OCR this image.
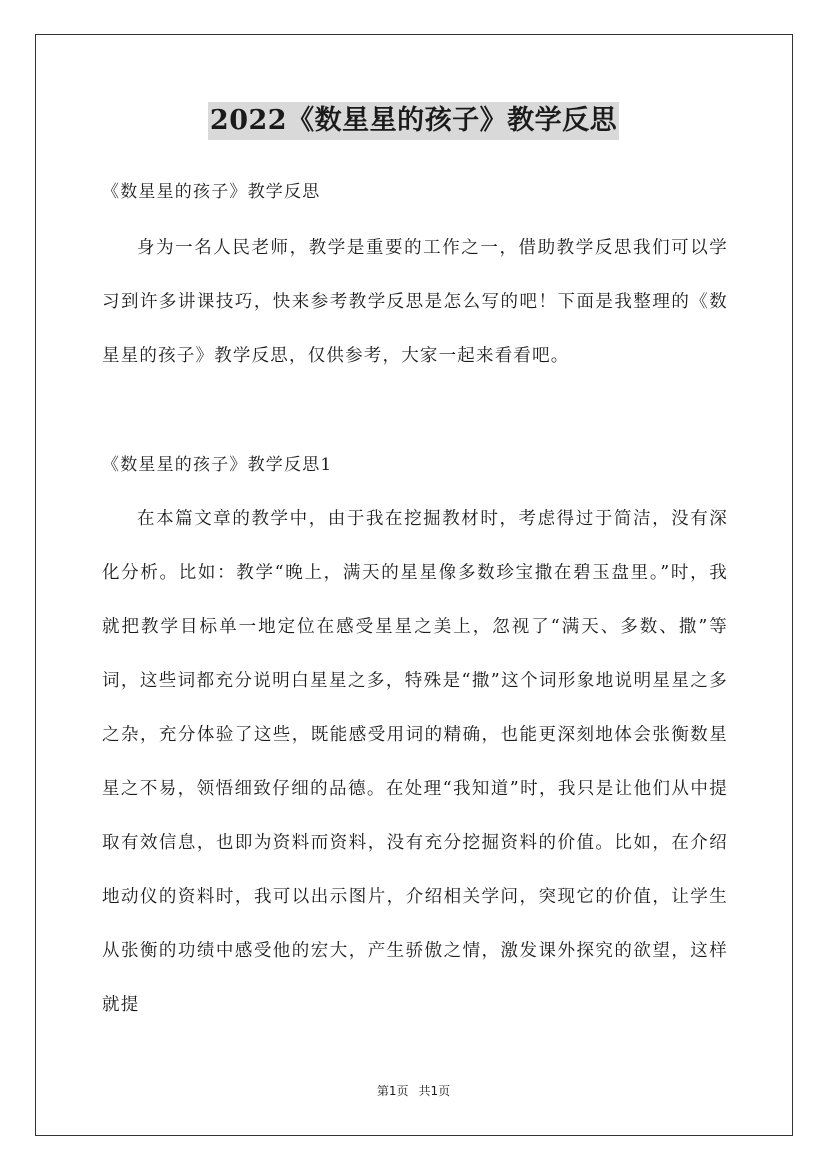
2022《数星星的孩子》教学反思
《数星星的孩子》教学反思

身为一名人民老师，教学是重要的工作之一，借助教学反思我们可以学习到许多讲课技巧，快来参考教学反思是怎么写的吧！下面是我整理的《数星星的孩子》教学反思，仅供参考，大家一起来看看吧。

《数星星的孩子》教学反思1

在本篇文章的教学中，由于我在挖掘教材时，考虑得过于简洁，没有深化分析。比如：教学“晚上，满天的星星像多数珍宝撒在碧玉盘里。”时，我就把教学目标单一地定位在感受星星之美上，忽视了“满天、多数、撒”等词，这些词都充分说明白星星之多，特殊是“撒”这个词形象地说明星星之多之杂，充分体验了这些，既能感受用词的精确，也能更深刻地体会张衡数星星之不易，领悟细致仔细的品德。在处理“我知道”时，我只是让他们从中提取有效信息，也即为资料而资料，没有充分挖掘资料的价值。比如，在介绍地动仪的资料时，我可以出示图片，介绍相关学问，突现它的价值，让学生从张衡的功绩中感受他的宏大，产生骄傲之情，激发课外探究的欲望，这样就提

第1页 共1页
